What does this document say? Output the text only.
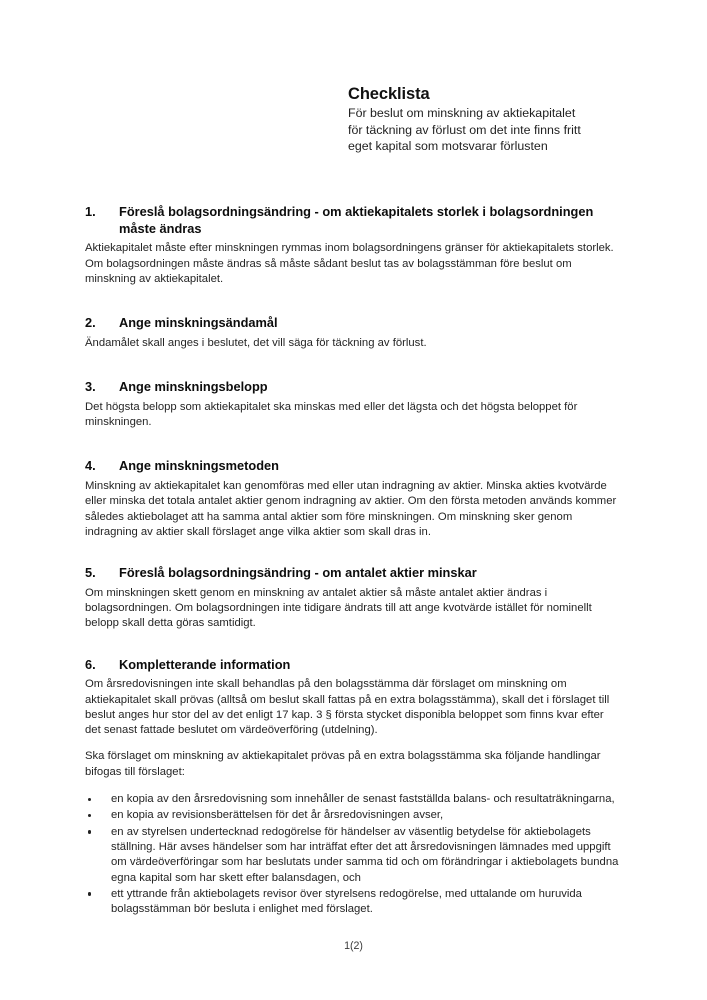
Checklista
För beslut om minskning av aktiekapitalet
för täckning av förlust om det inte finns fritt
eget kapital som motsvarar förlusten
1.	Föreslå bolagsordningsändring - om aktiekapitalets storlek i bolagsordningen måste ändras

Aktiekapitalet måste efter minskningen rymmas inom bolagsordningens gränser för aktiekapitalets storlek. Om bolagsordningen måste ändras så måste sådant beslut tas av bolagsstämman före beslut om minskning av aktiekapitalet.

2.	Ange minskningsändamål

Ändamålet skall anges i beslutet, det vill säga för täckning av förlust.

3.	Ange minskningsbelopp

Det högsta belopp som aktiekapitalet ska minskas med eller det lägsta och det högsta beloppet för minskningen.

4.	Ange minskningsmetoden

Minskning av aktiekapitalet kan genomföras med eller utan indragning av aktier. Minska akties kvotvärde eller minska det totala antalet aktier genom indragning av aktier. Om den första metoden används kommer således aktiebolaget att ha samma antal aktier som före minskningen. Om minskning sker genom indragning av aktier skall förslaget ange vilka aktier som skall dras in.

5.	Föreslå bolagsordningsändring - om antalet aktier minskar

Om minskningen skett genom en minskning av antalet aktier så måste antalet aktier ändras i bolagsordningen. Om bolagsordningen inte tidigare ändrats till att ange kvotvärde istället för nominellt belopp skall detta göras samtidigt.

6.	Kompletterande information

Om årsredovisningen inte skall behandlas på den bolagsstämma där förslaget om minskning om aktiekapitalet skall prövas (alltså om beslut skall fattas på en extra bolagsstämma), skall det i förslaget till beslut anges hur stor del av det enligt 17 kap. 3 § första stycket disponibla beloppet som finns kvar efter det senast fattade beslutet om värdeöverföring (utdelning).

Ska förslaget om minskning av aktiekapitalet prövas på en extra bolagsstämma ska följande handlingar bifogas till förslaget:

en kopia av den årsredovisning som innehåller de senast fastställda balans- och resultaträkningarna,
en kopia av revisionsberättelsen för det år årsredovisningen avser,
en av styrelsen undertecknad redogörelse för händelser av väsentlig betydelse för aktiebolagets ställning. Här avses händelser som har inträffat efter det att årsredovisningen lämnades med uppgift om värdeöverföringar som har beslutats under samma tid och om förändringar i aktiebolagets bundna egna kapital som har skett efter balansdagen, och
ett yttrande från aktiebolagets revisor över styrelsens redogörelse, med uttalande om huruvida bolagsstämman bör besluta i enlighet med förslaget.
1(2)
